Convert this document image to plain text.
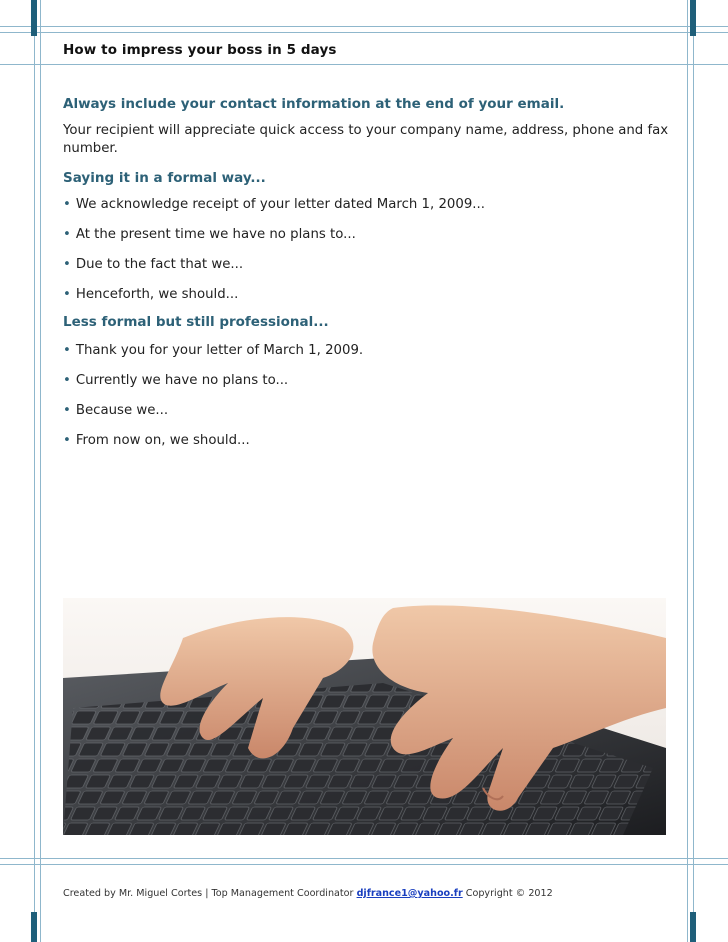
How to impress your boss in 5 days

Always include your contact information at the end of your email.

Your recipient will appreciate quick access to your company name, address, phone and fax number.

Saying it in a formal way...

• We acknowledge receipt of your letter dated March 1, 2009...

• At the present time we have no plans to...

• Due to the fact that we...

• Henceforth, we should...

Less formal but still professional...

• Thank you for your letter of March 1, 2009.

• Currently we have no plans to...

• Because we...

• From now on, we should...

Created by Mr. Miguel Cortes | Top Management Coordinator djfrance1@yahoo.fr Copyright © 2012
